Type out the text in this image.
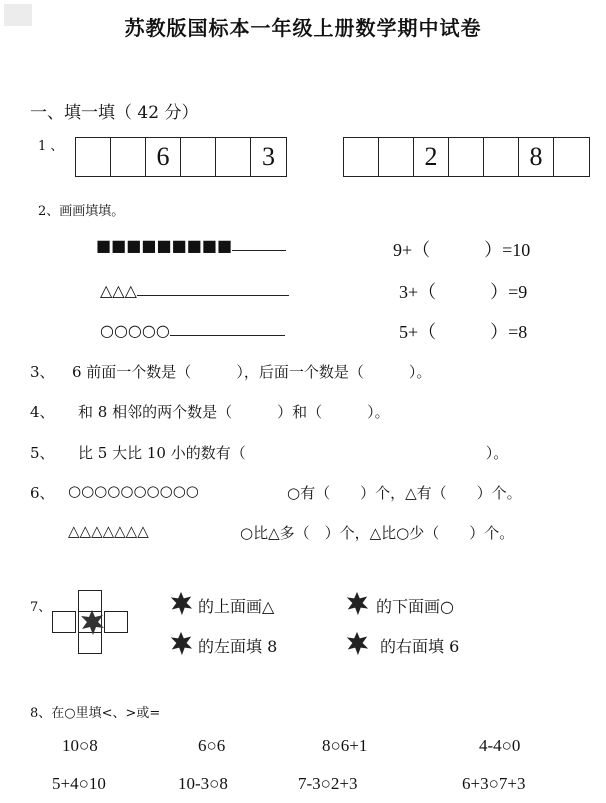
苏教版国标本一年级上册数学期中试卷
一、填一填（ 42 分）
1 、	6	3	2	8
2、画画填填。
■■■■■■■■■	9+（　　　）=10
△△△	3+（　　　）=9
○○○○○	5+（　　　）=8
3、 6 前面一个数是（　　　），后面一个数是（　　　）。
4、 和 8 相邻的两个数是（　　　）和（　　　）。
5、 比 5 大比 10 小的数有（　　　　　　　　　　　　　　　　）。
6、 ○○○○○○○○○○	○有（　　）个，△有（　　）个。
△△△△△△△	○比△多（　）个，△比○少（　　）个。
7、	的上面画△	的下面画○
的左面填 8	的右面填 6
8、在○里填<、>或=
10○8	6○6	8○6+1	4-4○0
5+4○10	10-3○8	7-3○2+3	6+3○7+3
